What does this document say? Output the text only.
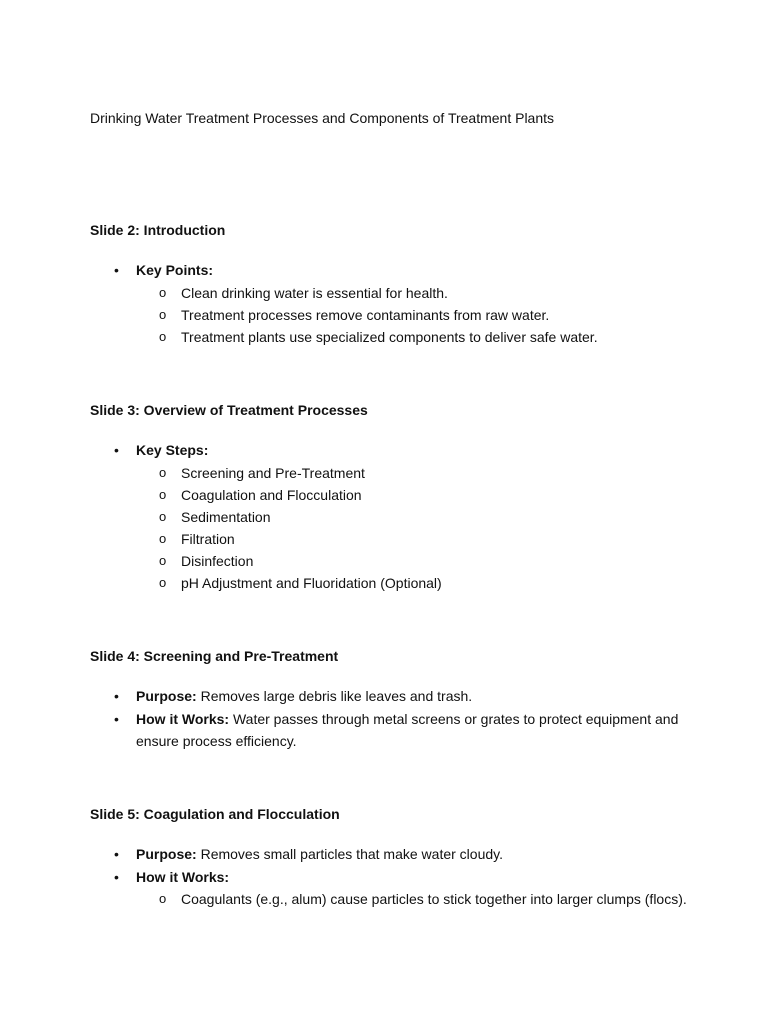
Drinking Water Treatment Processes and Components of Treatment Plants
Slide 2: Introduction
• Key Points:
o Clean drinking water is essential for health.
o Treatment processes remove contaminants from raw water.
o Treatment plants use specialized components to deliver safe water.
Slide 3: Overview of Treatment Processes
• Key Steps:
o Screening and Pre-Treatment
o Coagulation and Flocculation
o Sedimentation
o Filtration
o Disinfection
o pH Adjustment and Fluoridation (Optional)
Slide 4: Screening and Pre-Treatment
• Purpose: Removes large debris like leaves and trash.
• How it Works: Water passes through metal screens or grates to protect equipment and ensure process efficiency.
Slide 5: Coagulation and Flocculation
• Purpose: Removes small particles that make water cloudy.
• How it Works:
o Coagulants (e.g., alum) cause particles to stick together into larger clumps (flocs).
